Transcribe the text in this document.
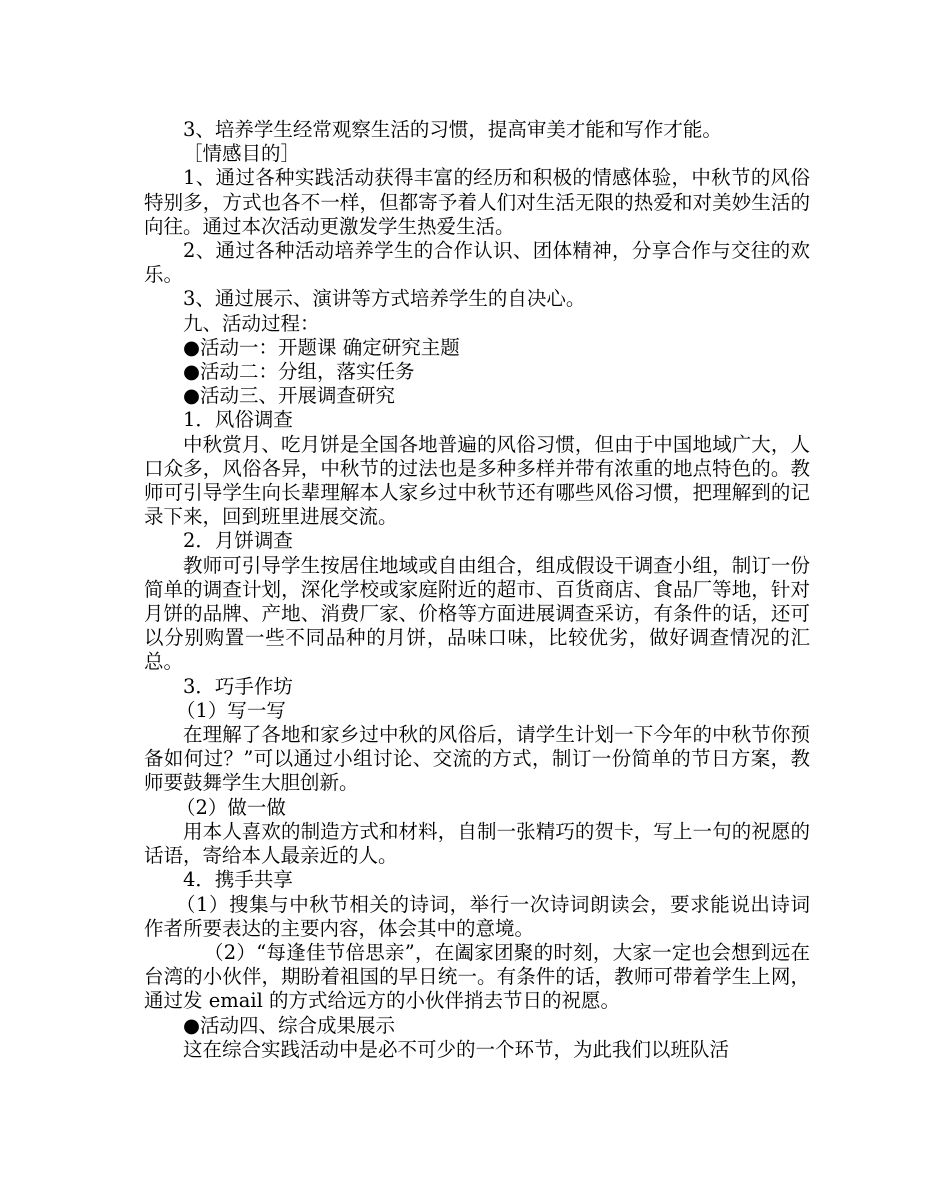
3、培养学生经常观察生活的习惯，提高审美才能和写作才能。

［情感目的］

1、通过各种实践活动获得丰富的经历和积极的情感体验，中秋节的风俗特别多，方式也各不一样，但都寄予着人们对生活无限的热爱和对美妙生活的向往。通过本次活动更激发学生热爱生活。

2、通过各种活动培养学生的合作认识、团体精神，分享合作与交往的欢乐。

3、通过展示、演讲等方式培养学生的自决心。

九、活动过程：

●活动一：开题课 确定研究主题

●活动二：分组，落实任务

●活动三、开展调查研究

1．风俗调查

中秋赏月、吃月饼是全国各地普遍的风俗习惯，但由于中国地域广大，人口众多，风俗各异，中秋节的过法也是多种多样并带有浓重的地点特色的。教师可引导学生向长辈理解本人家乡过中秋节还有哪些风俗习惯，把理解到的记录下来，回到班里进展交流。

2．月饼调查

教师可引导学生按居住地域或自由组合，组成假设干调查小组，制订一份简单的调查计划，深化学校或家庭附近的超市、百货商店、食品厂等地，针对月饼的品牌、产地、消费厂家、价格等方面进展调查采访，有条件的话，还可以分别购置一些不同品种的月饼，品味口味，比较优劣，做好调查情况的汇总。

3．巧手作坊

（1）写一写

在理解了各地和家乡过中秋的风俗后，请学生计划一下今年的中秋节你预备如何过？”可以通过小组讨论、交流的方式，制订一份简单的节日方案，教师要鼓舞学生大胆创新。

（2）做一做

用本人喜欢的制造方式和材料，自制一张精巧的贺卡，写上一句的祝愿的话语，寄给本人最亲近的人。

4．携手共享

（1）搜集与中秋节相关的诗词，举行一次诗词朗读会，要求能说出诗词作者所要表达的主要内容，体会其中的意境。

（2）“每逢佳节倍思亲”，在阖家团聚的时刻，大家一定也会想到远在台湾的小伙伴，期盼着祖国的早日统一。有条件的话，教师可带着学生上网，通过发 email 的方式给远方的小伙伴捎去节日的祝愿。

●活动四、综合成果展示

这在综合实践活动中是必不可少的一个环节，为此我们以班队活
